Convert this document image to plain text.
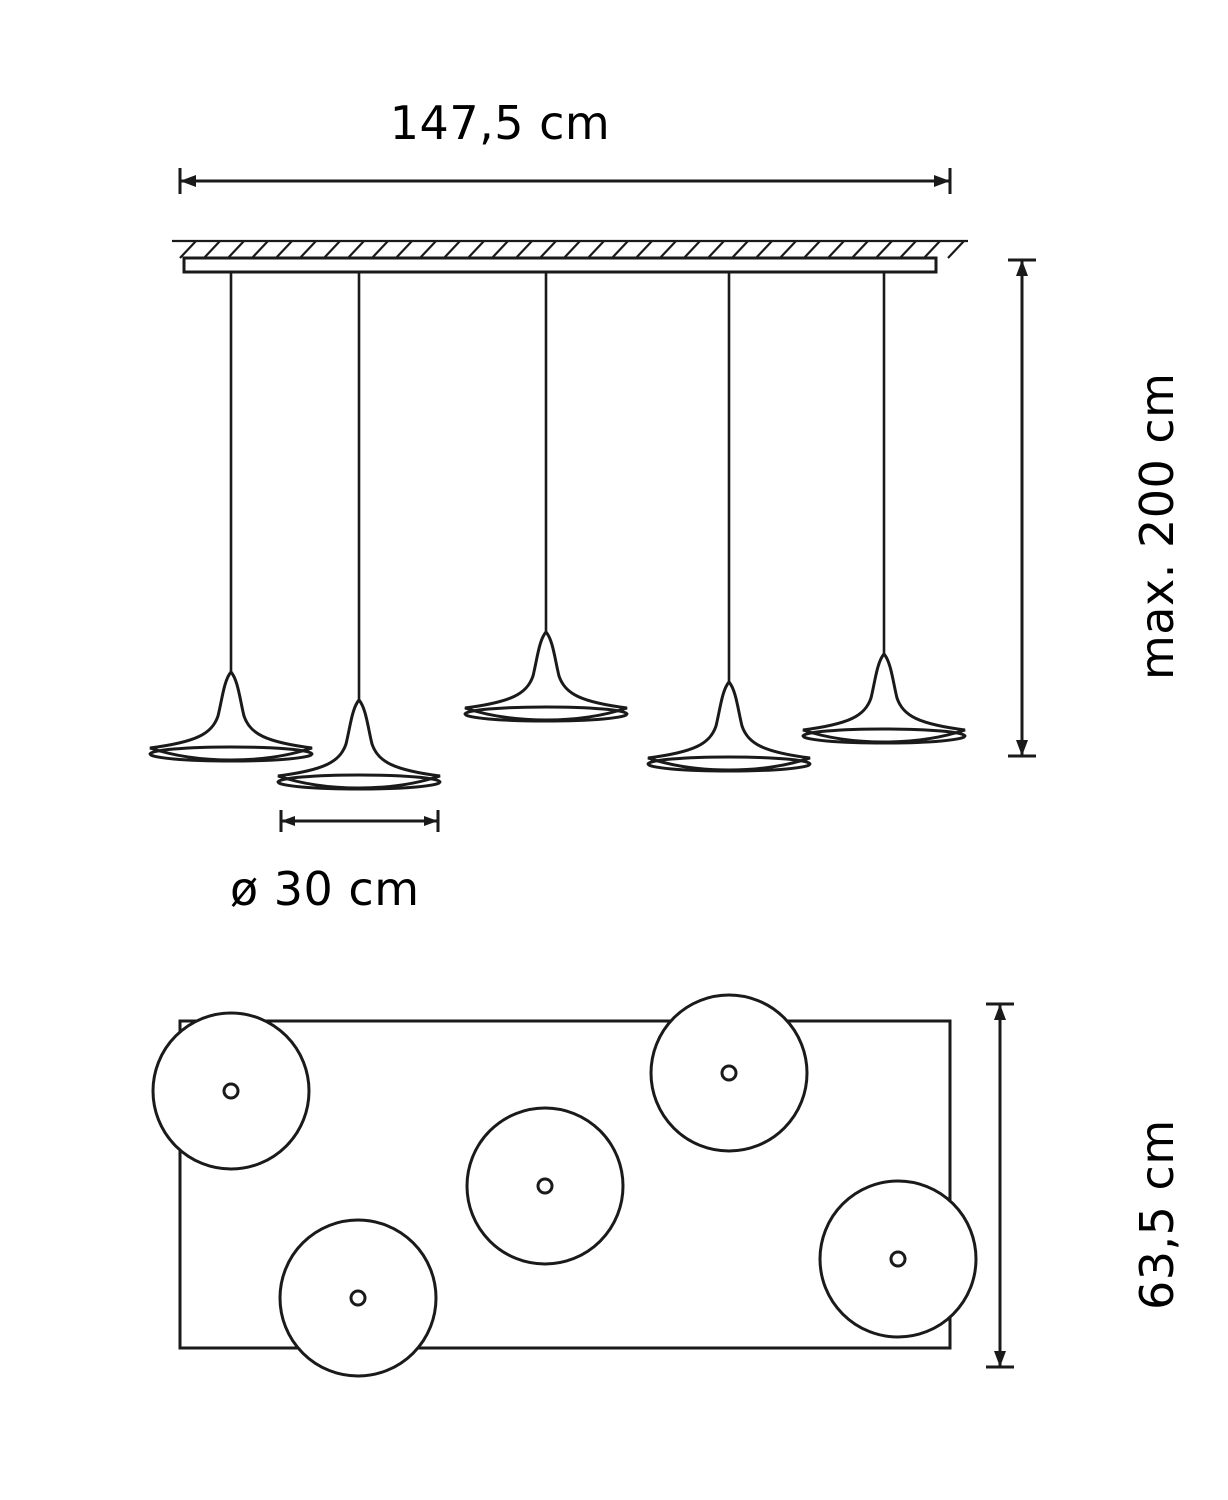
147,5 cm
max. 200 cm
ø 30 cm
63,5 cm
